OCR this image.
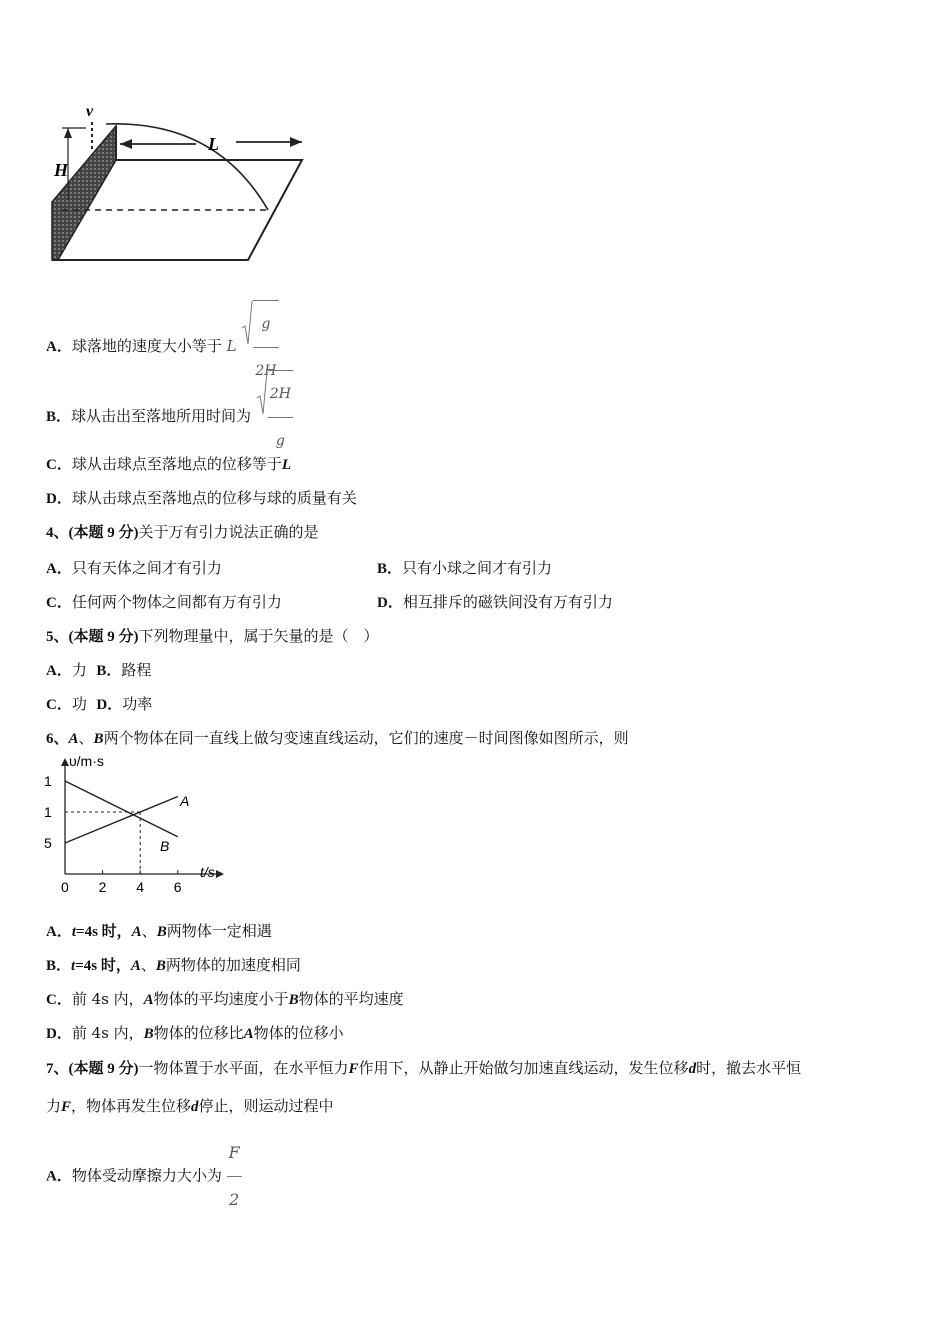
v
H
L
A．球落地的速度大小等于 L $\frac{g}{2H}$
B．球从击出至落地所用时间为 $\frac{2H}{g}$
C．球从击球点至落地点的位移等于L
D．球从击球点至落地点的位移与球的质量有关
4、(本题 9 分)关于万有引力说法正确的是
A．只有天体之间才有引力	B．只有小球之间才有引力
C．任何两个物体之间都有万有引力	D．相互排斥的磁铁间没有万有引力
5、(本题 9 分)下列物理量中，属于矢量的是（　）
A．力 B．路程
C．功 D．功率
6、A、B两个物体在同一直线上做匀变速直线运动，它们的速度－时间图像如图所示，则
υ/m·s
t/s
0 2 4 6
5
1
1
A
B
A．t=4s 时，A、B两物体一定相遇
B．t=4s 时，A、B两物体的加速度相同
C．前 4s 内，A物体的平均速度小于B物体的平均速度
D．前 4s 内，B物体的位移比A物体的位移小
7、(本题 9 分)一物体置于水平面，在水平恒力F作用下，从静止开始做匀加速直线运动，发生位移d时，撤去水平恒
力F，物体再发生位移d停止，则运动过程中
A．物体受动摩擦力大小为 $\frac{F}{2}$
